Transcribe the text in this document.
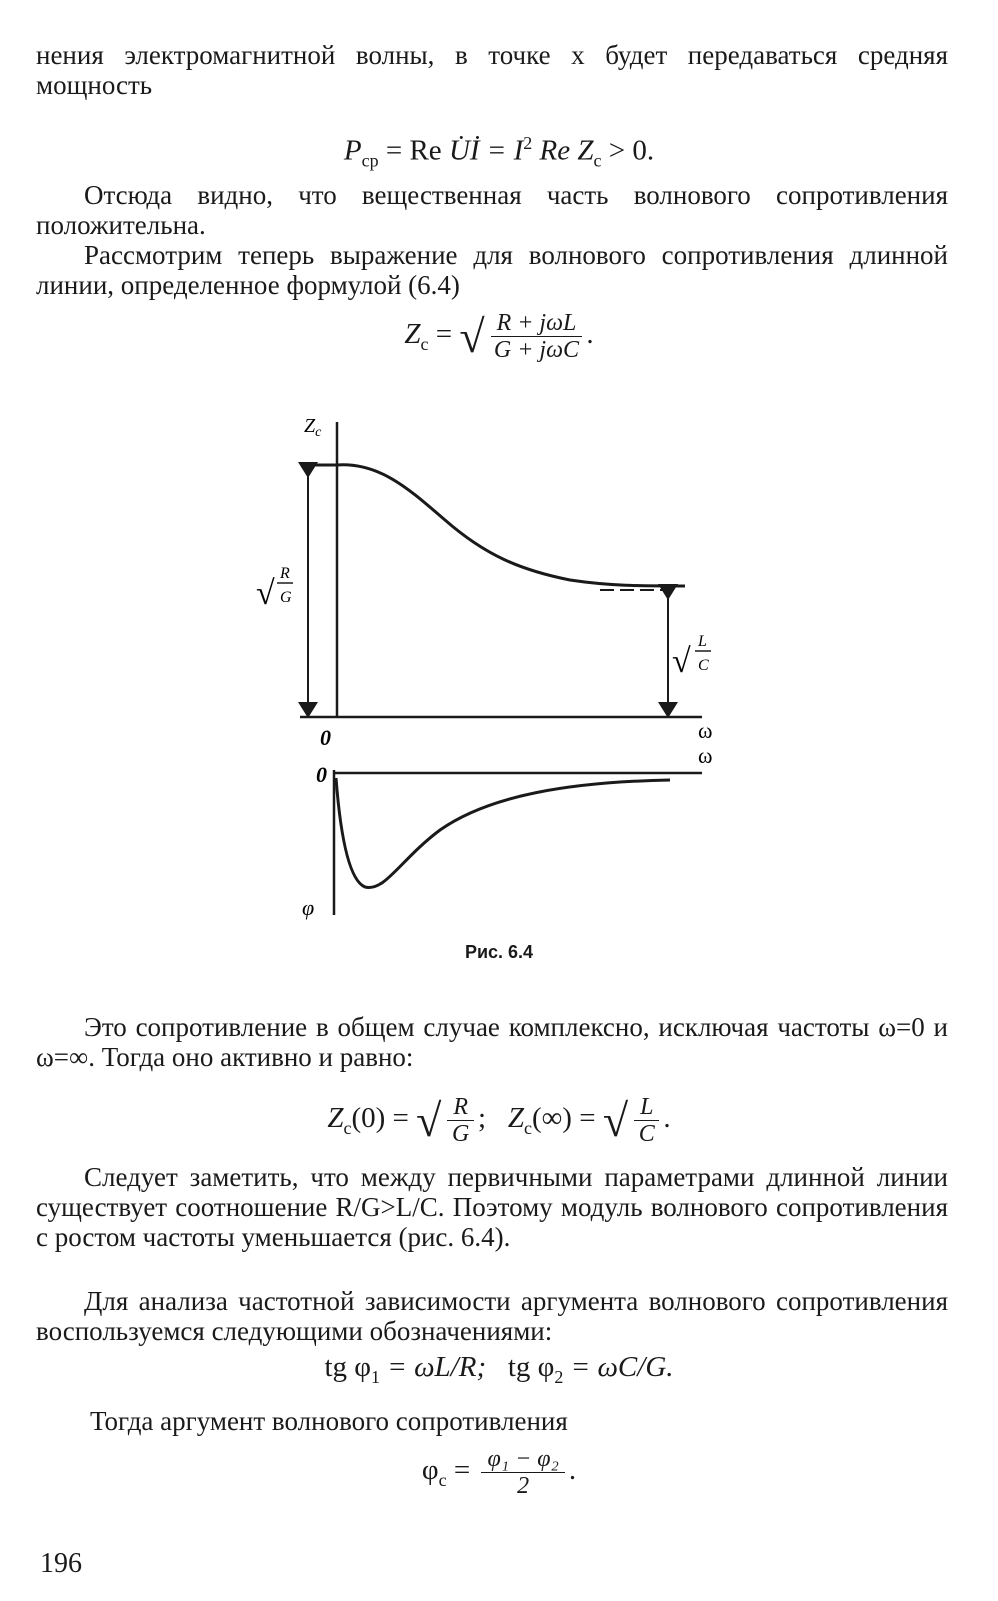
нения электромагнитной волны, в точке x будет передаваться средняя мощность
$P_{ср} = Re$ U̇İ = $I^2$ Re $Z_с > 0$.
Отсюда видно, что вещественная часть волнового сопротивления положительна.
Рассмотрим теперь выражение для волнового сопротивления длинной линии, определенное формулой (6.4)
$Z_с$ = √ $\frac{\text{R + jωL}}{\text{G + jωC}}$ .
$Z_c$
0	ω
√
R
G
√
L
C
0
ω
φ
Рис. 6.4
Это сопротивление в общем случае комплексно, исключая частоты ω=0 и ω=∞. Тогда оно активно и равно:
$Z_с(0)$ = √ $\frac{R}{G}$ ; $Z_с(\infty)$ = √ $\frac{L}{C}$ .
Следует заметить, что между первичными параметрами длинной линии существует соотношение R/G>L/C. Поэтому модуль волнового сопротивления с ростом частоты уменьшается (рис. 6.4).
Для анализа частотной зависимости аргумента волнового сопротивления воспользуемся следующими обозначениями:
tg $\varphi_1 = \omega L/R$; tg $\varphi_2 = \omega C/G$.
Тогда аргумент волнового сопротивления
$\varphi_с = \frac{\text{φ₁ − φ₂}}{2}$ .
196
